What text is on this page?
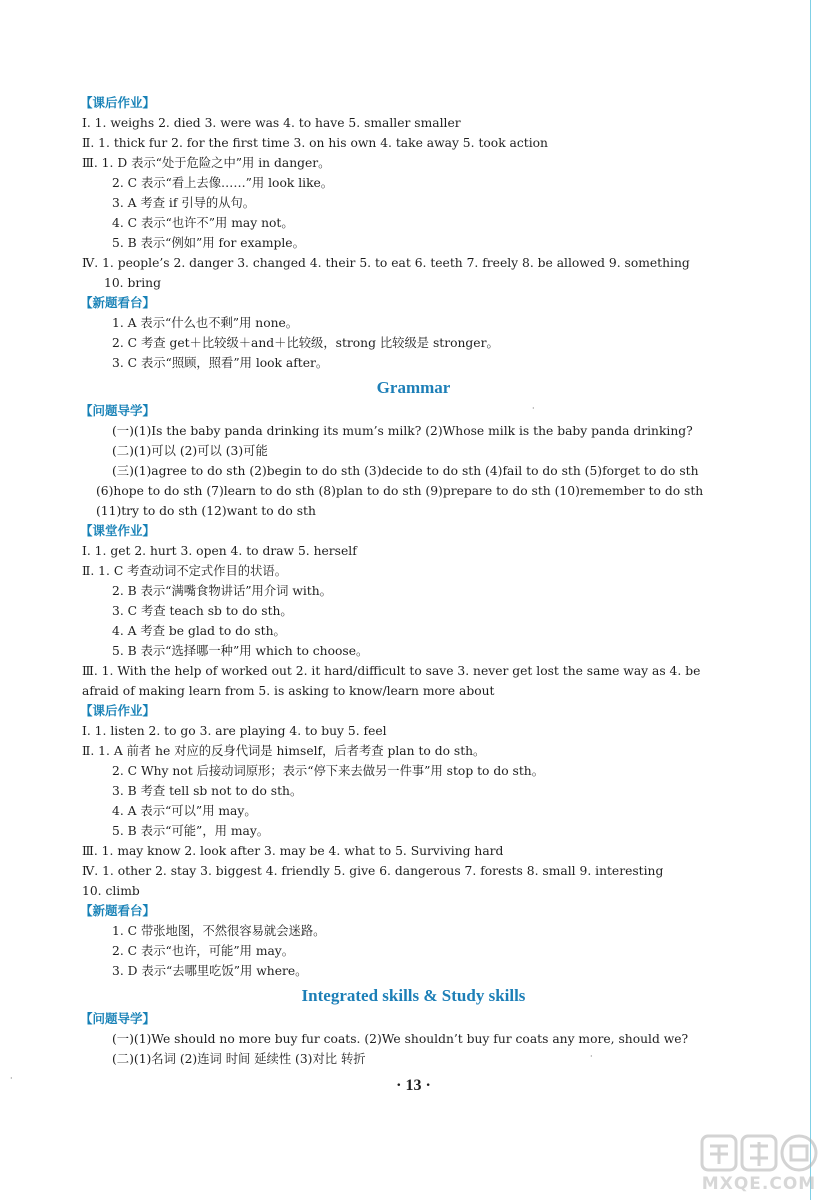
【课后作业】
Ⅰ. 1. weighs 2. died 3. were was 4. to have 5. smaller smaller
Ⅱ. 1. thick fur 2. for the first time 3. on his own 4. take away 5. took action
Ⅲ. 1. D 表示“处于危险之中”用 in danger。
2. C 表示“看上去像……”用 look like。
3. A 考查 if 引导的从句。
4. C 表示“也许不”用 may not。
5. B 表示“例如”用 for example。
Ⅳ. 1. people’s 2. danger 3. changed 4. their 5. to eat 6. teeth 7. freely 8. be allowed 9. something
10. bring
【新题看台】
1. A 表示“什么也不剩”用 none。
2. C 考查 get＋比较级＋and＋比较级，strong 比较级是 stronger。
3. C 表示“照顾，照看”用 look after。
Grammar
【问题导学】
(一)(1)Is the baby panda drinking its mum’s milk? (2)Whose milk is the baby panda drinking?
(二)(1)可以 (2)可以 (3)可能
(三)(1)agree to do sth (2)begin to do sth (3)decide to do sth (4)fail to do sth (5)forget to do sth
(6)hope to do sth (7)learn to do sth (8)plan to do sth (9)prepare to do sth (10)remember to do sth
(11)try to do sth (12)want to do sth
【课堂作业】
Ⅰ. 1. get 2. hurt 3. open 4. to draw 5. herself
Ⅱ. 1. C 考查动词不定式作目的状语。
2. B 表示“满嘴食物讲话”用介词 with。
3. C 考查 teach sb to do sth。
4. A 考查 be glad to do sth。
5. B 表示“选择哪一种”用 which to choose。
Ⅲ. 1. With the help of worked out 2. it hard/difficult to save 3. never get lost the same way as 4. be
afraid of making learn from 5. is asking to know/learn more about
【课后作业】
Ⅰ. 1. listen 2. to go 3. are playing 4. to buy 5. feel
Ⅱ. 1. A 前者 he 对应的反身代词是 himself，后者考查 plan to do sth。
2. C Why not 后接动词原形；表示“停下来去做另一件事”用 stop to do sth。
3. B 考查 tell sb not to do sth。
4. A 表示“可以”用 may。
5. B 表示“可能”，用 may。
Ⅲ. 1. may know 2. look after 3. may be 4. what to 5. Surviving hard
Ⅳ. 1. other 2. stay 3. biggest 4. friendly 5. give 6. dangerous 7. forests 8. small 9. interesting
10. climb
【新题看台】
1. C 带张地图，不然很容易就会迷路。
2. C 表示“也许，可能”用 may。
3. D 表示“去哪里吃饭”用 where。
Integrated skills & Study skills
【问题导学】
(一)(1)We should no more buy fur coats. (2)We shouldn’t buy fur coats any more, should we?
(二)(1)名词 (2)连词 时间 延续性 (3)对比 转折
· 13 ·
·
·
·
MXQE.COM
